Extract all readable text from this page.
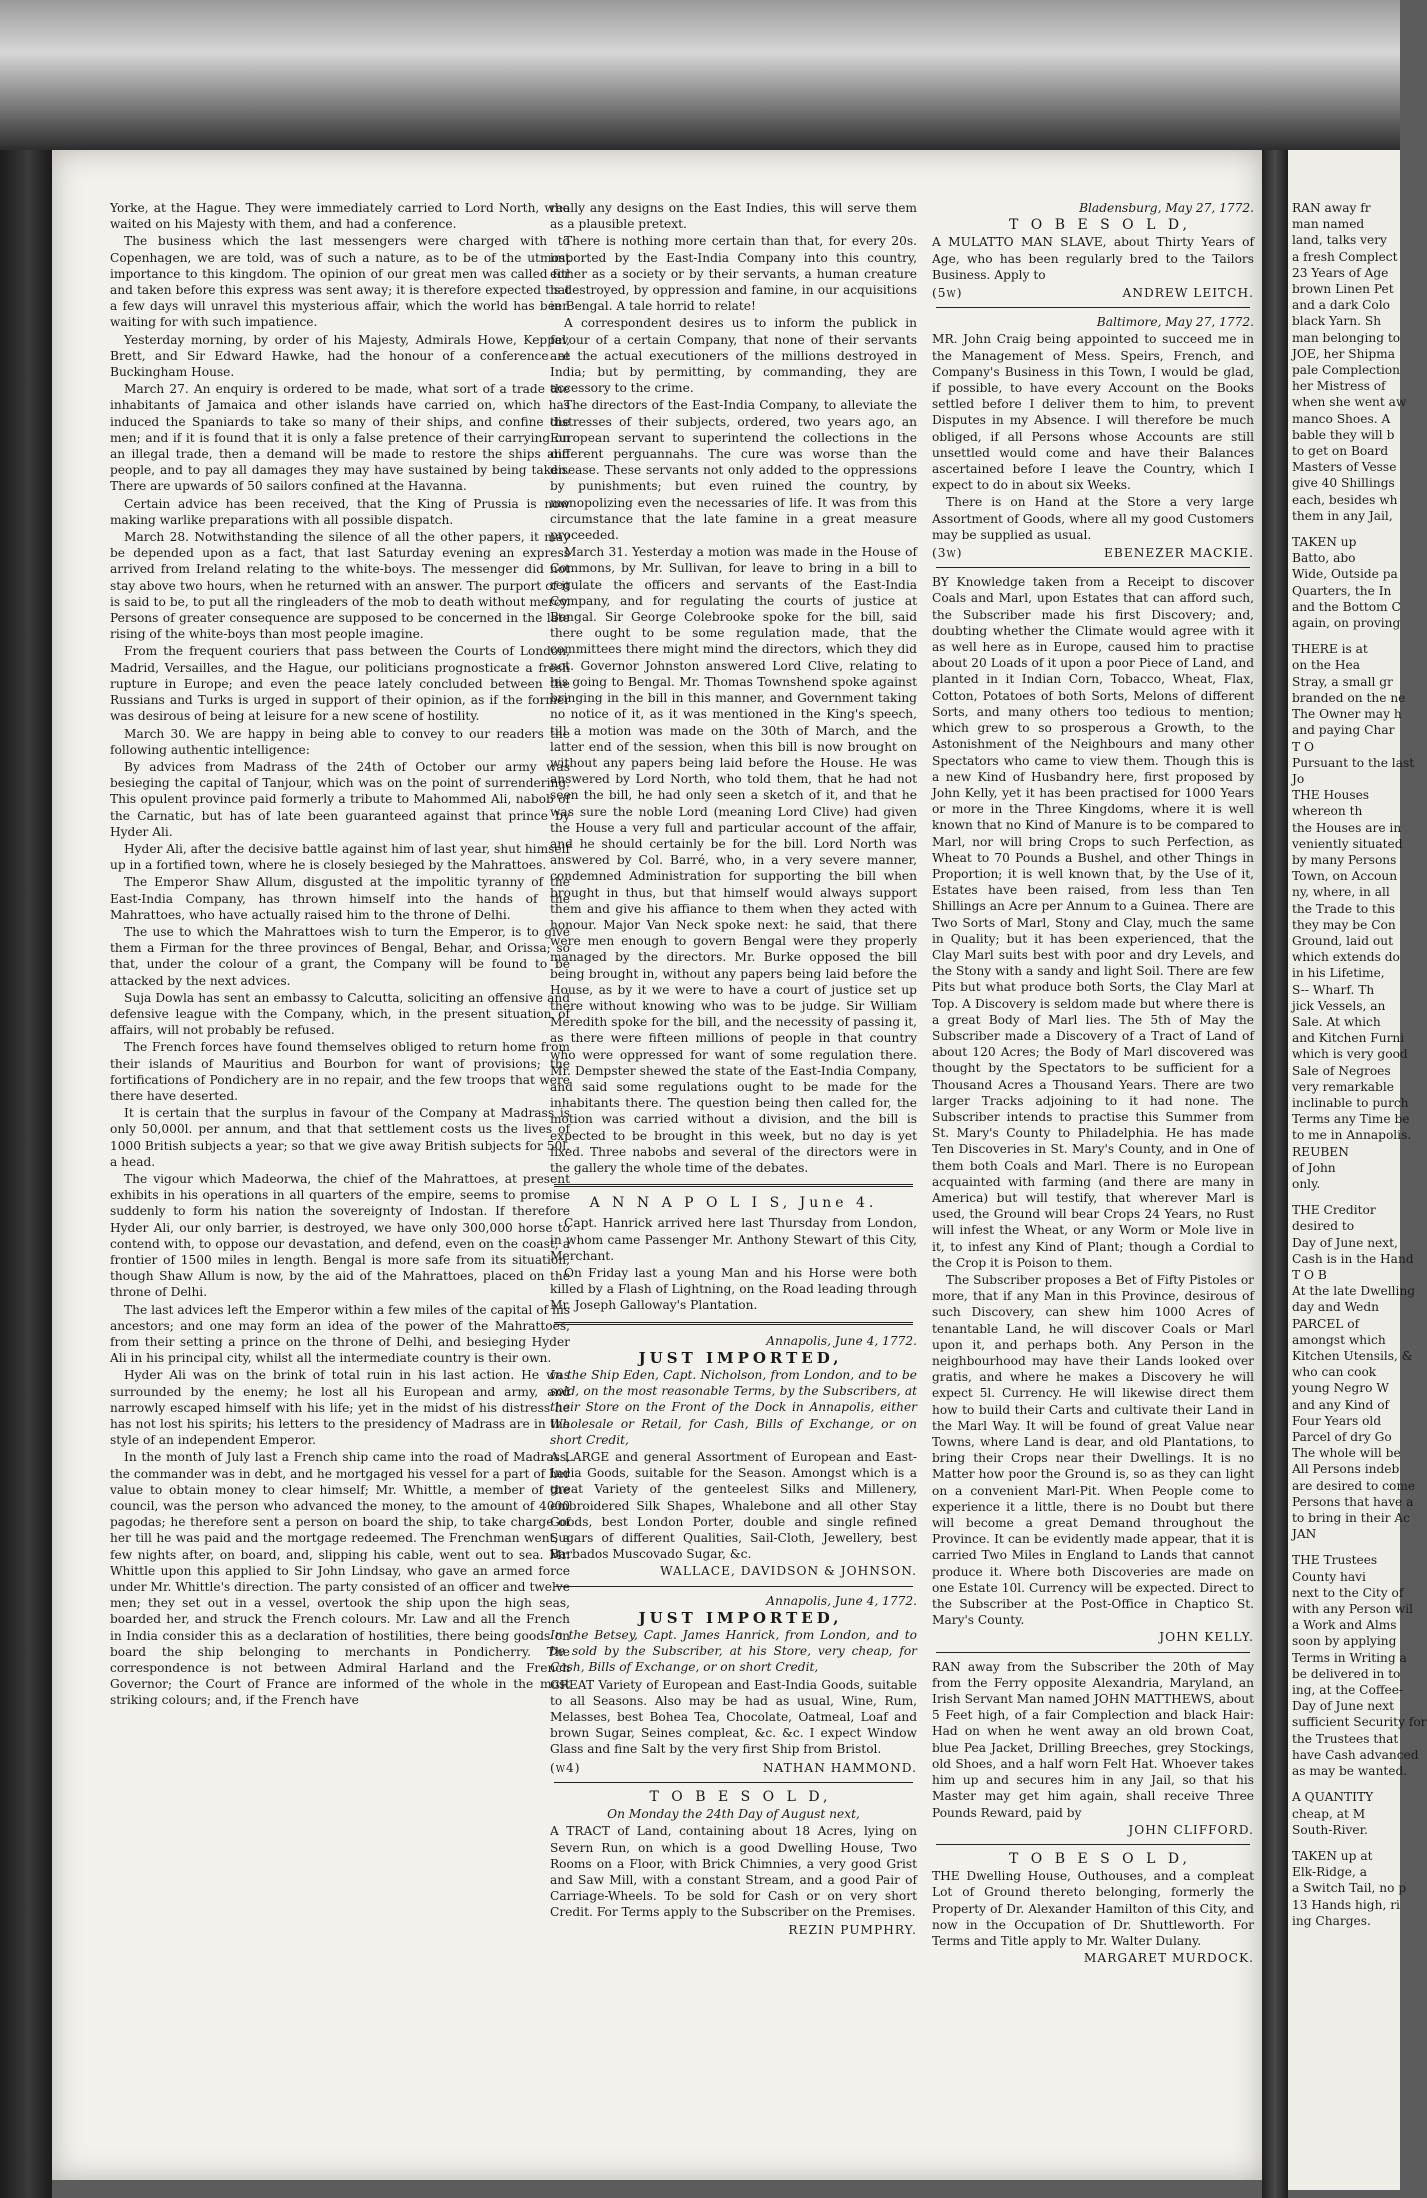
Yorke, at the Hague. They were immediately carried to Lord North, who waited on his Majesty with them, and had a conference.

The business which the last messengers were charged with to Copenhagen, we are told, was of such a nature, as to be of the utmost importance to this kingdom. The opinion of our great men was called for and taken before this express was sent away; it is therefore expected that a few days will unravel this mysterious affair, which the world has been waiting for with such impatience.

Yesterday morning, by order of his Majesty, Admirals Howe, Keppel, Brett, and Sir Edward Hawke, had the honour of a conference at Buckingham House.

March 27. An enquiry is ordered to be made, what sort of a trade the inhabitants of Jamaica and other islands have carried on, which has induced the Spaniards to take so many of their ships, and confine the men; and if it is found that it is only a false pretence of their carrying on an illegal trade, then a demand will be made to restore the ships and people, and to pay all damages they may have sustained by being taken. There are upwards of 50 sailors confined at the Havanna.

Certain advice has been received, that the King of Prussia is now making warlike preparations with all possible dispatch.

March 28. Notwithstanding the silence of all the other papers, it may be depended upon as a fact, that last Saturday evening an express arrived from Ireland relating to the white-boys. The messenger did not stay above two hours, when he returned with an answer. The purport of it is said to be, to put all the ringleaders of the mob to death without mercy. Persons of greater consequence are supposed to be concerned in the late rising of the white-boys than most people imagine.

From the frequent couriers that pass between the Courts of London, Madrid, Versailles, and the Hague, our politicians prognosticate a fresh rupture in Europe; and even the peace lately concluded between the Russians and Turks is urged in support of their opinion, as if the former was desirous of being at leisure for a new scene of hostility.

March 30. We are happy in being able to convey to our readers the following authentic intelligence:

By advices from Madrass of the 24th of October our army was besieging the capital of Tanjour, which was on the point of surrendering. This opulent province paid formerly a tribute to Mahommed Ali, nabob of the Carnatic, but has of late been guaranteed against that prince by Hyder Ali.

Hyder Ali, after the decisive battle against him of last year, shut himself up in a fortified town, where he is closely besieged by the Mahrattoes.

The Emperor Shaw Allum, disgusted at the impolitic tyranny of the East-India Company, has thrown himself into the hands of the Mahrattoes, who have actually raised him to the throne of Delhi.

The use to which the Mahrattoes wish to turn the Emperor, is to give them a Firman for the three provinces of Bengal, Behar, and Orissa; so that, under the colour of a grant, the Company will be found to be attacked by the next advices.

Suja Dowla has sent an embassy to Calcutta, soliciting an offensive and defensive league with the Company, which, in the present situation of affairs, will not probably be refused.

The French forces have found themselves obliged to return home from their islands of Mauritius and Bourbon for want of provisions; the fortifications of Pondichery are in no repair, and the few troops that were there have deserted.

It is certain that the surplus in favour of the Company at Madrass is only 50,000l. per annum, and that that settlement costs us the lives of 1000 British subjects a year; so that we give away British subjects for 50l. a head.

The vigour which Madeorwa, the chief of the Mahrattoes, at present exhibits in his operations in all quarters of the empire, seems to promise suddenly to form his nation the sovereignty of Indostan. If therefore Hyder Ali, our only barrier, is destroyed, we have only 300,000 horse to contend with, to oppose our devastation, and defend, even on the coast, a frontier of 1500 miles in length. Bengal is more safe from its situation, though Shaw Allum is now, by the aid of the Mahrattoes, placed on the throne of Delhi.

The last advices left the Emperor within a few miles of the capital of his ancestors; and one may form an idea of the power of the Mahrattoes, from their setting a prince on the throne of Delhi, and besieging Hyder Ali in his principal city, whilst all the intermediate country is their own.

Hyder Ali was on the brink of total ruin in his last action. He was surrounded by the enemy; he lost all his European and army, and narrowly escaped himself with his life; yet in the midst of his distress he has not lost his spirits; his letters to the presidency of Madrass are in the style of an independent Emperor.

In the month of July last a French ship came into the road of Madrass, the commander was in debt, and he mortgaged his vessel for a part of her value to obtain money to clear himself; Mr. Whittle, a member of the council, was the person who advanced the money, to the amount of 4000 pagodas; he therefore sent a person on board the ship, to take charge of her till he was paid and the mortgage redeemed. The Frenchman went, a few nights after, on board, and, slipping his cable, went out to sea. Mr. Whittle upon this applied to Sir John Lindsay, who gave an armed force under Mr. Whittle's direction. The party consisted of an officer and twelve men; they set out in a vessel, overtook the ship upon the high seas, boarded her, and struck the French colours. Mr. Law and all the French in India consider this as a declaration of hostilities, there being goods on board the ship belonging to merchants in Pondicherry. The correspondence is not between Admiral Harland and the French Governor; the Court of France are informed of the whole in the most striking colours; and, if the French have

really any designs on the East Indies, this will serve them as a plausible pretext.

There is nothing more certain than that, for every 20s. imported by the East-India Company into this country, either as a society or by their servants, a human creature is destroyed, by oppression and famine, in our acquisitions in Bengal. A tale horrid to relate!

A correspondent desires us to inform the publick in favour of a certain Company, that none of their servants are the actual executioners of the millions destroyed in India; but by permitting, by commanding, they are accessory to the crime.

The directors of the East-India Company, to alleviate the distresses of their subjects, ordered, two years ago, an European servant to superintend the collections in the different perguannahs. The cure was worse than the disease. These servants not only added to the oppressions by punishments; but even ruined the country, by monopolizing even the necessaries of life. It was from this circumstance that the late famine in a great measure proceeded.

March 31. Yesterday a motion was made in the House of Commons, by Mr. Sullivan, for leave to bring in a bill to regulate the officers and servants of the East-India Company, and for regulating the courts of justice at Bengal. Sir George Colebrooke spoke for the bill, said there ought to be some regulation made, that the committees there might mind the directors, which they did not. Governor Johnston answered Lord Clive, relating to his going to Bengal. Mr. Thomas Townshend spoke against bringing in the bill in this manner, and Government taking no notice of it, as it was mentioned in the King's speech, till a motion was made on the 30th of March, and the latter end of the session, when this bill is now brought on without any papers being laid before the House. He was answered by Lord North, who told them, that he had not seen the bill, he had only seen a sketch of it, and that he was sure the noble Lord (meaning Lord Clive) had given the House a very full and particular account of the affair, and he should certainly be for the bill. Lord North was answered by Col. Barré, who, in a very severe manner, condemned Administration for supporting the bill when brought in thus, but that himself would always support them and give his affiance to them when they acted with honour. Major Van Neck spoke next: he said, that there were men enough to govern Bengal were they properly managed by the directors. Mr. Burke opposed the bill being brought in, without any papers being laid before the House, as by it we were to have a court of justice set up there without knowing who was to be judge. Sir William Meredith spoke for the bill, and the necessity of passing it, as there were fifteen millions of people in that country who were oppressed for want of some regulation there. Mr. Dempster shewed the state of the East-India Company, and said some regulations ought to be made for the inhabitants there. The question being then called for, the motion was carried without a division, and the bill is expected to be brought in this week, but no day is yet fixed. Three nabobs and several of the directors were in the gallery the whole time of the debates.

A N N A P O L I S, June 4.

Capt. Hanrick arrived here last Thursday from London, in whom came Passenger Mr. Anthony Stewart of this City, Merchant.

On Friday last a young Man and his Horse were both killed by a Flash of Lightning, on the Road leading through Mr. Joseph Galloway's Plantation.

Annapolis, June 4, 1772.

JUST IMPORTED,

In the Ship Eden, Capt. Nicholson, from London, and to be sold, on the most reasonable Terms, by the Subscribers, at their Store on the Front of the Dock in Annapolis, either Wholesale or Retail, for Cash, Bills of Exchange, or on short Credit,

A LARGE and general Assortment of European and East-India Goods, suitable for the Season. Amongst which is a great Variety of the genteelest Silks and Millenery, embroidered Silk Shapes, Whalebone and all other Stay Goods, best London Porter, double and single refined Sugars of different Qualities, Sail-Cloth, Jewellery, best Barbados Muscovado Sugar, &c.

WALLACE, DAVIDSON & JOHNSON.

Annapolis, June 4, 1772.

JUST IMPORTED,

In the Betsey, Capt. James Hanrick, from London, and to be sold by the Subscriber, at his Store, very cheap, for Cash, Bills of Exchange, or on short Credit,

GREAT Variety of European and East-India Goods, suitable to all Seasons. Also may be had as usual, Wine, Rum, Melasses, best Bohea Tea, Chocolate, Oatmeal, Loaf and brown Sugar, Seines compleat, &c. &c. I expect Window Glass and fine Salt by the very first Ship from Bristol.

(w4)	NATHAN HAMMOND.

T O B E S O L D,

On Monday the 24th Day of August next,

A TRACT of Land, containing about 18 Acres, lying on Severn Run, on which is a good Dwelling House, Two Rooms on a Floor, with Brick Chimnies, a very good Grist and Saw Mill, with a constant Stream, and a good Pair of Carriage-Wheels. To be sold for Cash or on very short Credit. For Terms apply to the Subscriber on the Premises.

REZIN PUMPHRY.

Bladensburg, May 27, 1772.

T O B E S O L D,

A MULATTO MAN SLAVE, about Thirty Years of Age, who has been regularly bred to the Tailors Business. Apply to

(5w)	ANDREW LEITCH.

Baltimore, May 27, 1772.

MR. John Craig being appointed to succeed me in the Management of Mess. Speirs, French, and Company's Business in this Town, I would be glad, if possible, to have every Account on the Books settled before I deliver them to him, to prevent Disputes in my Absence. I will therefore be much obliged, if all Persons whose Accounts are still unsettled would come and have their Balances ascertained before I leave the Country, which I expect to do in about six Weeks.

There is on Hand at the Store a very large Assortment of Goods, where all my good Customers may be supplied as usual.

(3w)	EBENEZER MACKIE.

BY Knowledge taken from a Receipt to discover Coals and Marl, upon Estates that can afford such, the Subscriber made his first Discovery; and, doubting whether the Climate would agree with it as well here as in Europe, caused him to practise about 20 Loads of it upon a poor Piece of Land, and planted in it Indian Corn, Tobacco, Wheat, Flax, Cotton, Potatoes of both Sorts, Melons of different Sorts, and many others too tedious to mention; which grew to so prosperous a Growth, to the Astonishment of the Neighbours and many other Spectators who came to view them. Though this is a new Kind of Husbandry here, first proposed by John Kelly, yet it has been practised for 1000 Years or more in the Three Kingdoms, where it is well known that no Kind of Manure is to be compared to Marl, nor will bring Crops to such Perfection, as Wheat to 70 Pounds a Bushel, and other Things in Proportion; it is well known that, by the Use of it, Estates have been raised, from less than Ten Shillings an Acre per Annum to a Guinea. There are Two Sorts of Marl, Stony and Clay, much the same in Quality; but it has been experienced, that the Clay Marl suits best with poor and dry Levels, and the Stony with a sandy and light Soil. There are few Pits but what produce both Sorts, the Clay Marl at Top. A Discovery is seldom made but where there is a great Body of Marl lies. The 5th of May the Subscriber made a Discovery of a Tract of Land of about 120 Acres; the Body of Marl discovered was thought by the Spectators to be sufficient for a Thousand Acres a Thousand Years. There are two larger Tracks adjoining to it had none. The Subscriber intends to practise this Summer from St. Mary's County to Philadelphia. He has made Ten Discoveries in St. Mary's County, and in One of them both Coals and Marl. There is no European acquainted with farming (and there are many in America) but will testify, that wherever Marl is used, the Ground will bear Crops 24 Years, no Rust will infest the Wheat, or any Worm or Mole live in it, to infest any Kind of Plant; though a Cordial to the Crop it is Poison to them.

The Subscriber proposes a Bet of Fifty Pistoles or more, that if any Man in this Province, desirous of such Discovery, can shew him 1000 Acres of tenantable Land, he will discover Coals or Marl upon it, and perhaps both. Any Person in the neighbourhood may have their Lands looked over gratis, and where he makes a Discovery he will expect 5l. Currency. He will likewise direct them how to build their Carts and cultivate their Land in the Marl Way. It will be found of great Value near Towns, where Land is dear, and old Plantations, to bring their Crops near their Dwellings. It is no Matter how poor the Ground is, so as they can light on a convenient Marl-Pit. When People come to experience it a little, there is no Doubt but there will become a great Demand throughout the Province. It can be evidently made appear, that it is carried Two Miles in England to Lands that cannot produce it. Where both Discoveries are made on one Estate 10l. Currency will be expected. Direct to the Subscriber at the Post-Office in Chaptico St. Mary's County.

JOHN KELLY.

RAN away from the Subscriber the 20th of May from the Ferry opposite Alexandria, Maryland, an Irish Servant Man named JOHN MATTHEWS, about 5 Feet high, of a fair Complection and black Hair: Had on when he went away an old brown Coat, blue Pea Jacket, Drilling Breeches, grey Stockings, old Shoes, and a half worn Felt Hat. Whoever takes him up and secures him in any Jail, so that his Master may get him again, shall receive Three Pounds Reward, paid by

JOHN CLIFFORD.

T O B E S O L D,

THE Dwelling House, Outhouses, and a compleat Lot of Ground thereto belonging, formerly the Property of Dr. Alexander Hamilton of this City, and now in the Occupation of Dr. Shuttleworth. For Terms and Title apply to Mr. Walter Dulany.

MARGARET MURDOCK.

RAN away fr
man named
land, talks very
a fresh Complect
23 Years of Age
brown Linen Pet
and a dark Colo
black Yarn. Sh
man belonging to
JOE, her Shipma
pale Complection
her Mistress of
when she went aw
manco Shoes. A
bable they will b
to get on Board
Masters of Vesse
give 40 Shillings
each, besides wh
them in any Jail,
TAKEN up
Batto, abo
Wide, Outside pa
Quarters, the In
and the Bottom C
again, on proving
THERE is at
on the Hea
Stray, a small gr
branded on the ne
The Owner may h
and paying Char
T O
Pursuant to the last
Jo
THE Houses
whereon th
the Houses are in
veniently situated
by many Persons
Town, on Accoun
ny, where, in all
the Trade to this
they may be Con
Ground, laid out
which extends do
in his Lifetime,
S-- Wharf. Th
jick Vessels, an
Sale. At which
and Kitchen Furni
which is very good
Sale of Negroes
very remarkable
inclinable to purch
Terms any Time be
to me in Annapolis.
REUBEN
of John
only.
THE Creditor
desired to
Day of June next,
Cash is in the Hand
T O B
At the late Dwelling
day and Wedn
PARCEL of
amongst which
Kitchen Utensils, &
who can cook
young Negro W
and any Kind of
Four Years old
Parcel of dry Go
The whole will be
All Persons indeb
are desired to come
Persons that have a
to bring in their Ac
JAN
THE Trustees
County havi
next to the City of
with any Person wil
a Work and Alms
soon by applying
Terms in Writing a
be delivered in to
ing, at the Coffee-
Day of June next
sufficient Security for
the Trustees that
have Cash advanced
as may be wanted.
A QUANTITY
cheap, at M
South-River.
TAKEN up at
Elk-Ridge, a
a Switch Tail, no p
13 Hands high, ri
ing Charges.
